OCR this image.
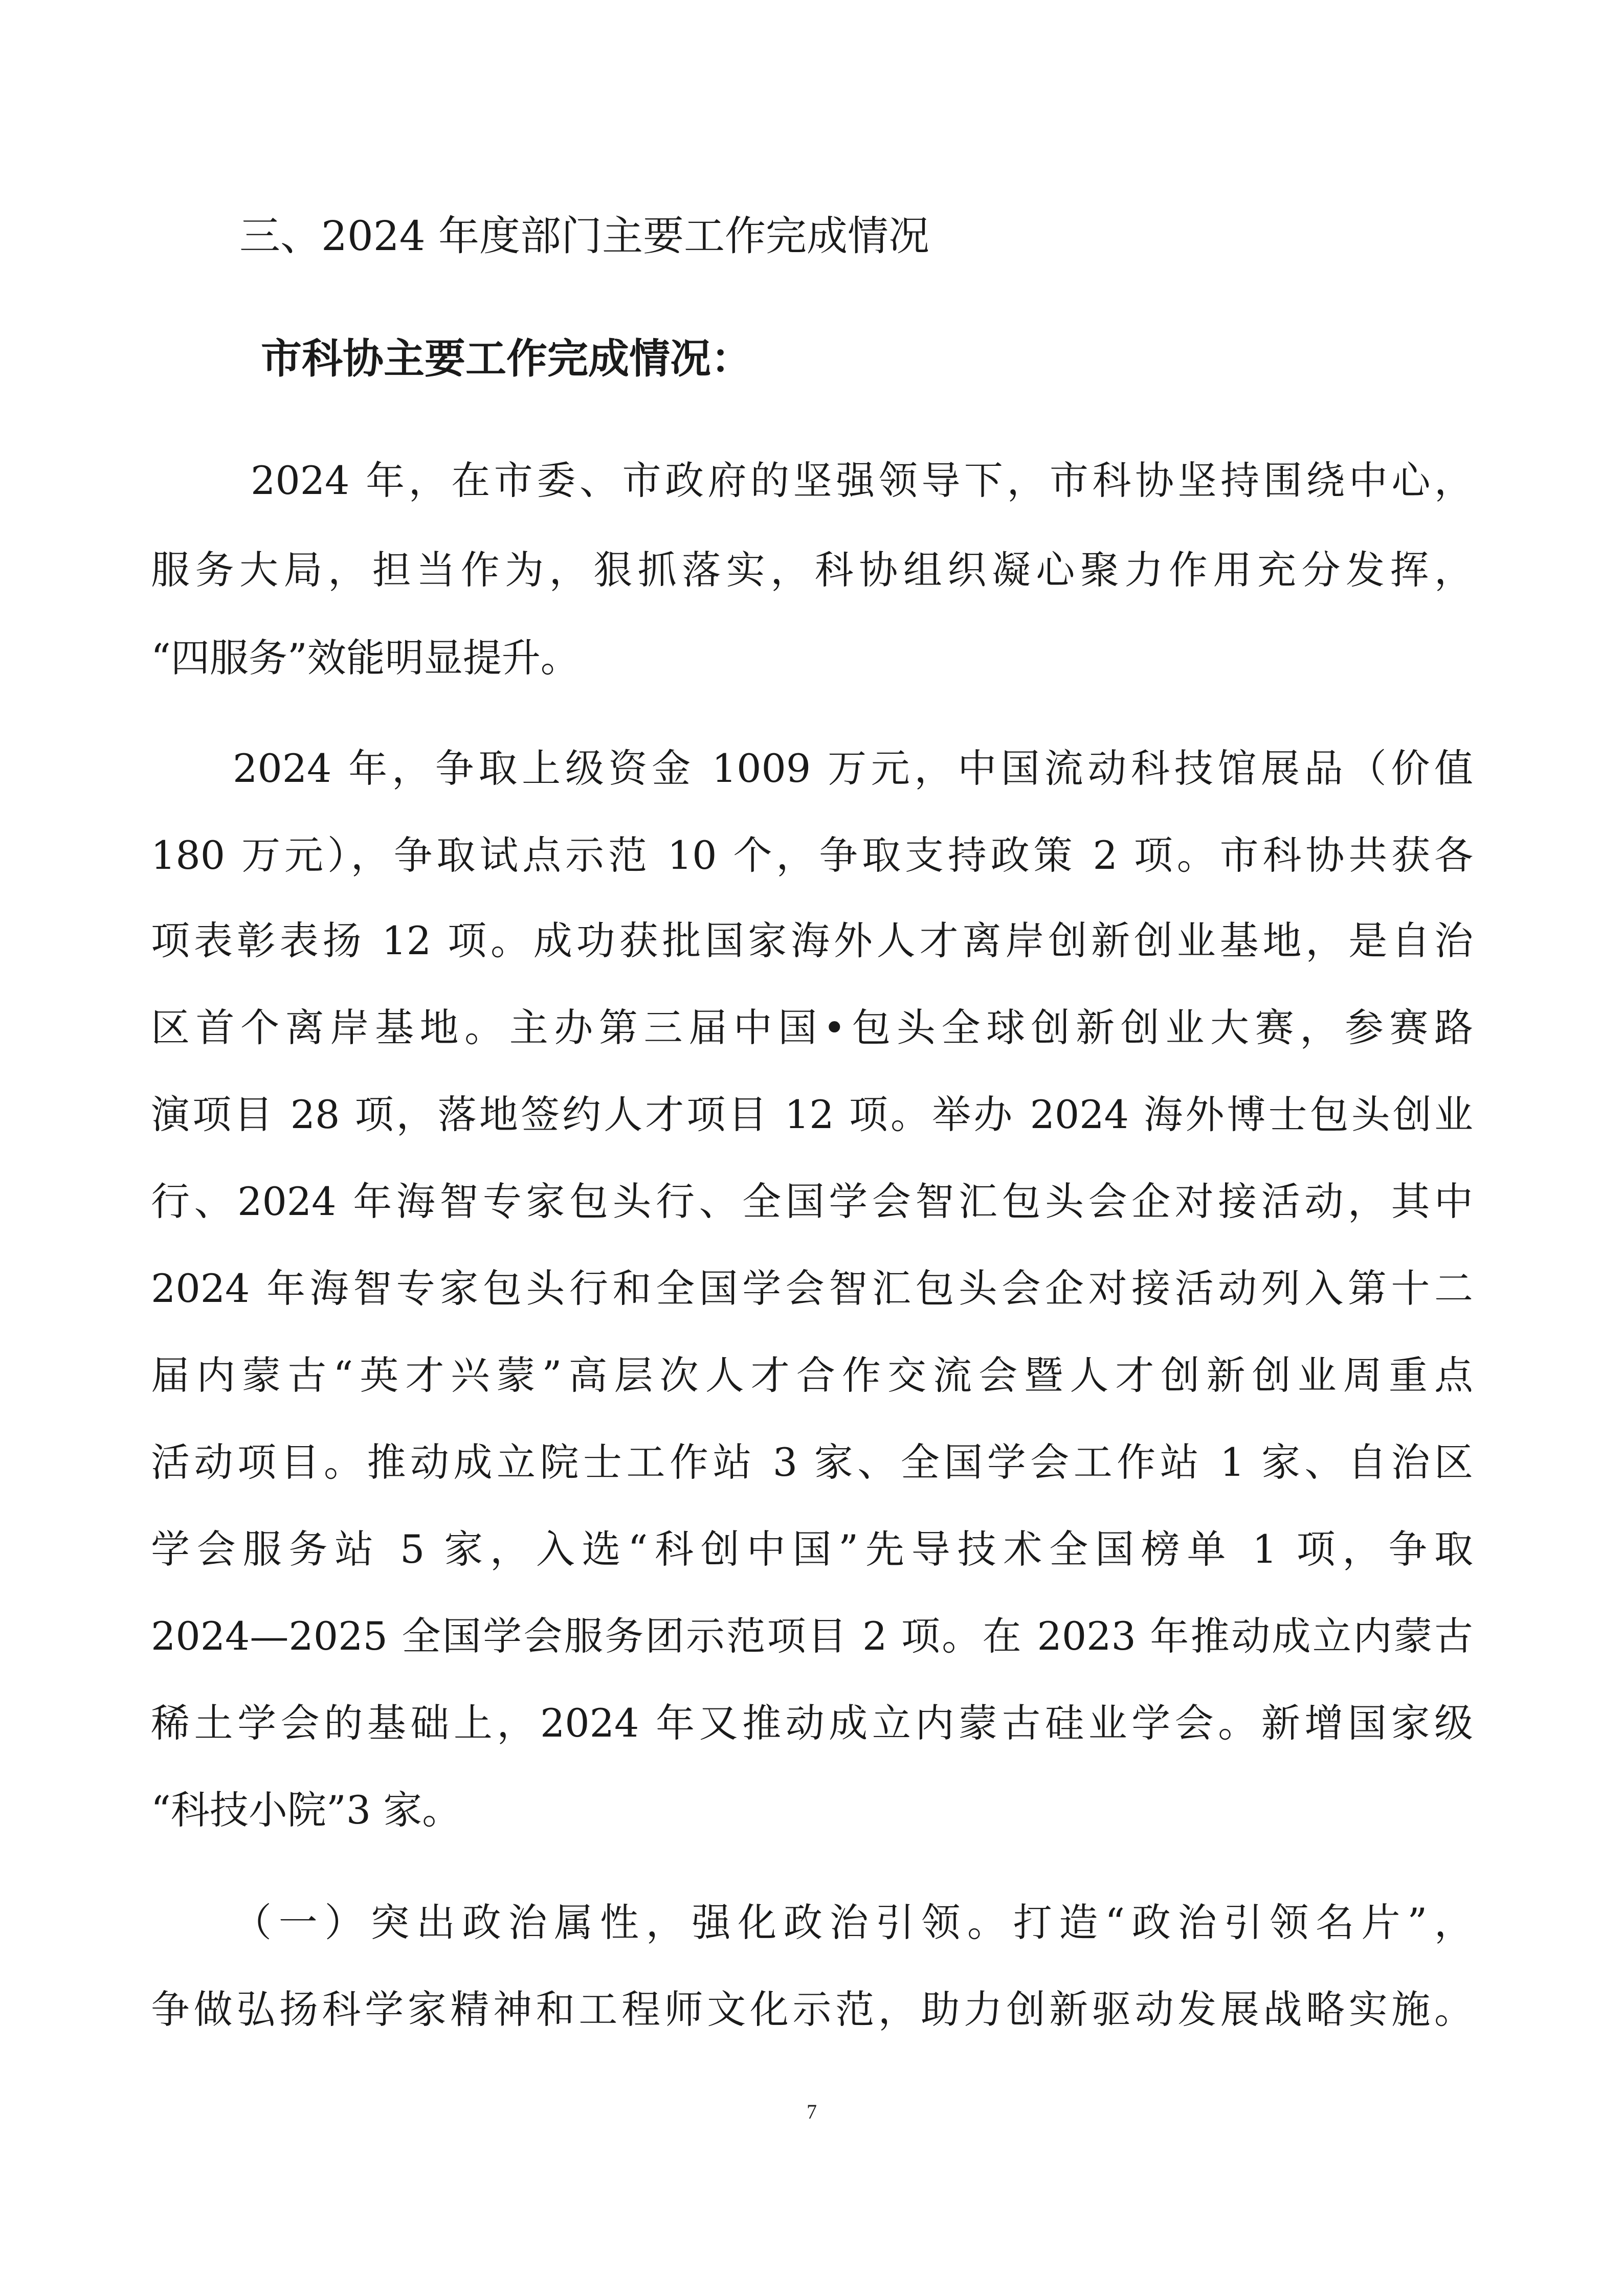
三、2024 年度部门主要工作完成情况
市科协主要工作完成情况：
2024 年，在市委、市政府的坚强领导下，市科协坚持围绕中心，
服务大局，担当作为，狠抓落实，科协组织凝心聚力作用充分发挥，
“四服务”效能明显提升。
2024 年，争取上级资金 1009 万元，中国流动科技馆展品（价值
180 万元），争取试点示范 10 个，争取支持政策 2 项。市科协共获各
项表彰表扬 12 项。成功获批国家海外人才离岸创新创业基地，是自治
区首个离岸基地。主办第三届中国•包头全球创新创业大赛，参赛路
演项目 28 项，落地签约人才项目 12 项。举办 2024 海外博士包头创业
行、2024 年海智专家包头行、全国学会智汇包头会企对接活动，其中
2024 年海智专家包头行和全国学会智汇包头会企对接活动列入第十二
届内蒙古“英才兴蒙”高层次人才合作交流会暨人才创新创业周重点
活动项目。推动成立院士工作站 3 家、全国学会工作站 1 家、自治区
学会服务站 5 家，入选“科创中国”先导技术全国榜单 1 项，争取
2024—2025 全国学会服务团示范项目 2 项。在 2023 年推动成立内蒙古
稀土学会的基础上，2024 年又推动成立内蒙古硅业学会。新增国家级
“科技小院”3 家。
（一）突出政治属性，强化政治引领。打造“政治引领名片”，
争做弘扬科学家精神和工程师文化示范，助力创新驱动发展战略实施。
7
